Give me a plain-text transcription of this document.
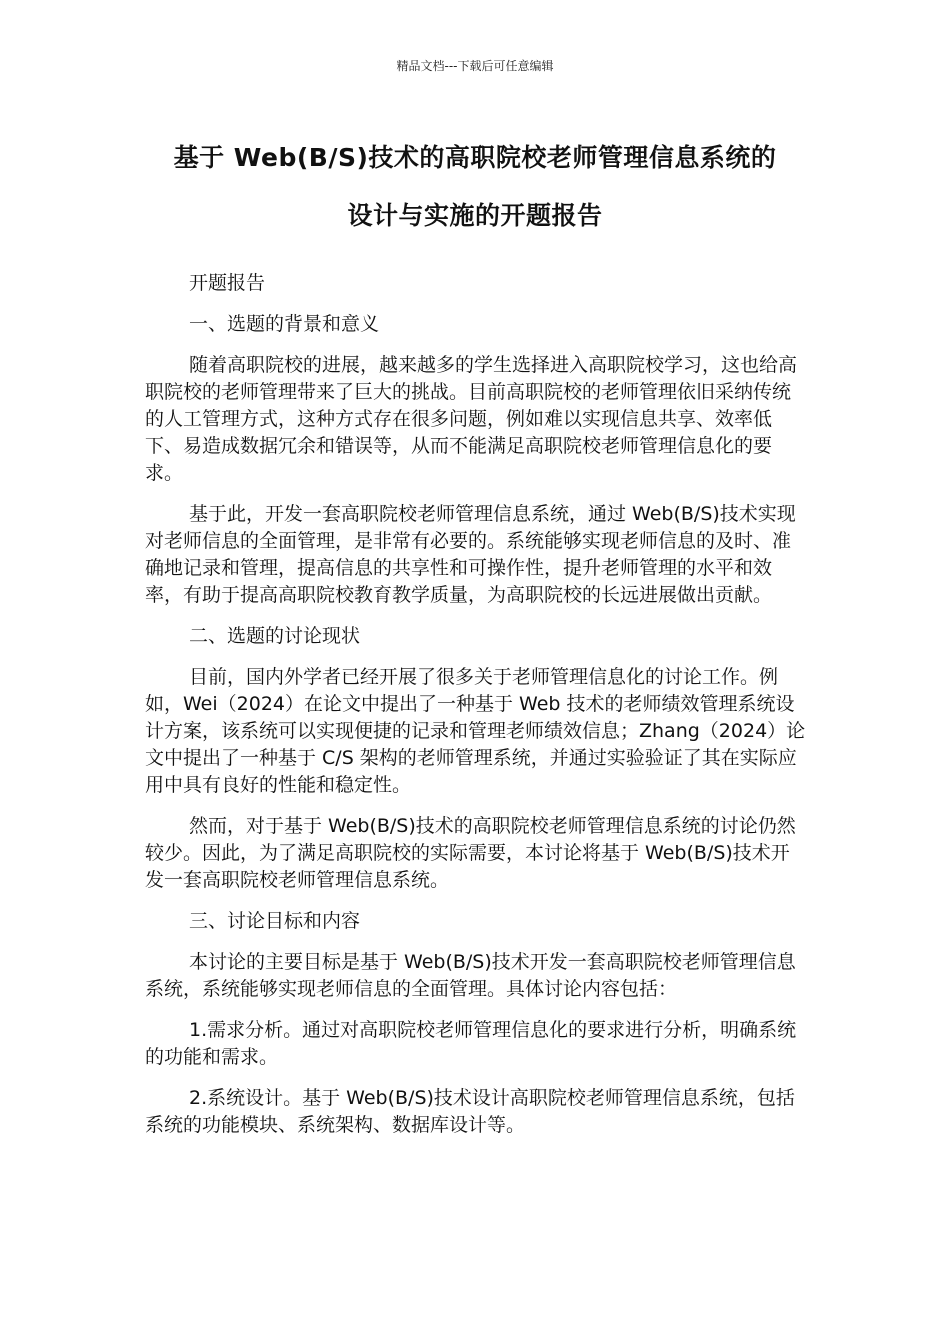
精品文档---下载后可任意编辑
基于 Web(B/S)技术的高职院校老师管理信息系统的
设计与实施的开题报告

开题报告

一、选题的背景和意义

随着高职院校的进展，越来越多的学生选择进入高职院校学习，这也给高职院校的老师管理带来了巨大的挑战。目前高职院校的老师管理依旧采纳传统的人工管理方式，这种方式存在很多问题，例如难以实现信息共享、效率低下、易造成数据冗余和错误等，从而不能满足高职院校老师管理信息化的要求。

基于此，开发一套高职院校老师管理信息系统，通过 Web(B/S)技术实现对老师信息的全面管理，是非常有必要的。系统能够实现老师信息的及时、准确地记录和管理，提高信息的共享性和可操作性，提升老师管理的水平和效率，有助于提高高职院校教育教学质量，为高职院校的长远进展做出贡献。

二、选题的讨论现状

目前，国内外学者已经开展了很多关于老师管理信息化的讨论工作。例如，Wei（2024）在论文中提出了一种基于 Web 技术的老师绩效管理系统设计方案，该系统可以实现便捷的记录和管理老师绩效信息；Zhang（2024）论文中提出了一种基于 C/S 架构的老师管理系统，并通过实验验证了其在实际应用中具有良好的性能和稳定性。

然而，对于基于 Web(B/S)技术的高职院校老师管理信息系统的讨论仍然较少。因此，为了满足高职院校的实际需要，本讨论将基于 Web(B/S)技术开发一套高职院校老师管理信息系统。

三、讨论目标和内容

本讨论的主要目标是基于 Web(B/S)技术开发一套高职院校老师管理信息系统，系统能够实现老师信息的全面管理。具体讨论内容包括：

1.需求分析。通过对高职院校老师管理信息化的要求进行分析，明确系统的功能和需求。

2.系统设计。基于 Web(B/S)技术设计高职院校老师管理信息系统，包括系统的功能模块、系统架构、数据库设计等。
